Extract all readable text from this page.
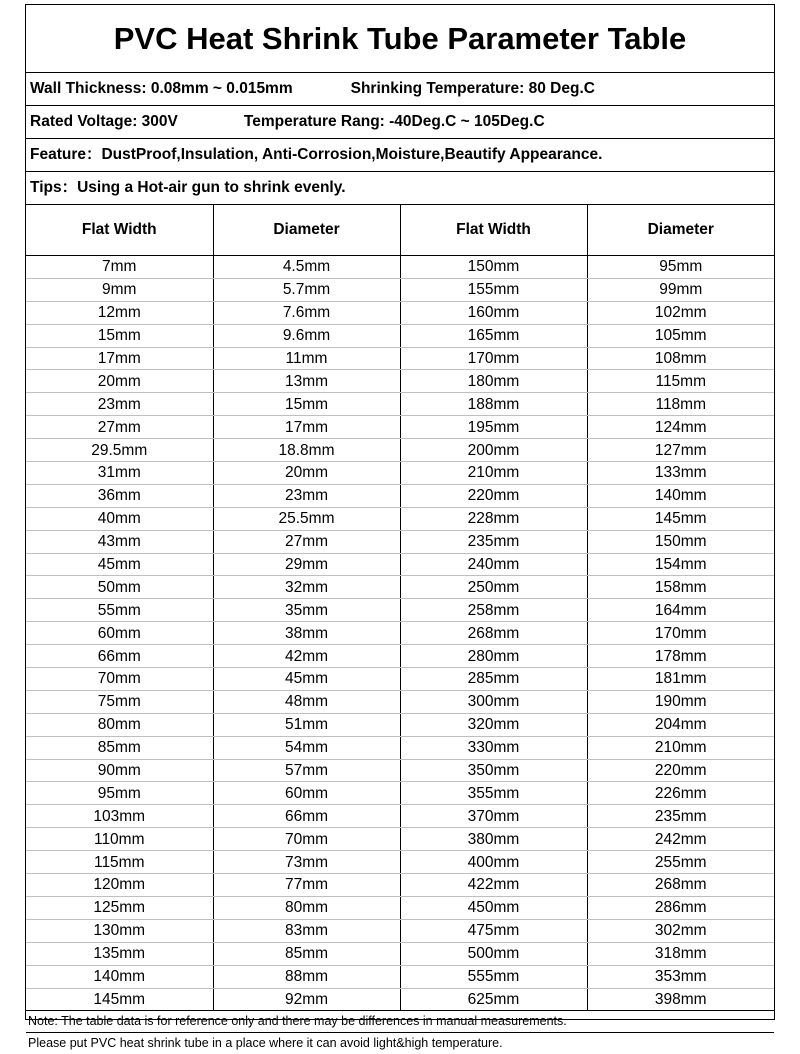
PVC Heat Shrink Tube Parameter Table
Wall Thickness: 0.08mm ~ 0.015mm	Shrinking Temperature: 80 Deg.C
Rated Voltage: 300V	Temperature Rang: -40Deg.C ~ 105Deg.C
Feature：DustProof,Insulation, Anti-Corrosion,Moisture,Beautify Appearance.
Tips：Using a Hot-air gun to shrink evenly.
Flat Width	Diameter	Flat Width	Diameter
7mm	4.5mm	150mm	95mm
9mm	5.7mm	155mm	99mm
12mm	7.6mm	160mm	102mm
15mm	9.6mm	165mm	105mm
17mm	11mm	170mm	108mm
20mm	13mm	180mm	115mm
23mm	15mm	188mm	118mm
27mm	17mm	195mm	124mm
29.5mm	18.8mm	200mm	127mm
31mm	20mm	210mm	133mm
36mm	23mm	220mm	140mm
40mm	25.5mm	228mm	145mm
43mm	27mm	235mm	150mm
45mm	29mm	240mm	154mm
50mm	32mm	250mm	158mm
55mm	35mm	258mm	164mm
60mm	38mm	268mm	170mm
66mm	42mm	280mm	178mm
70mm	45mm	285mm	181mm
75mm	48mm	300mm	190mm
80mm	51mm	320mm	204mm
85mm	54mm	330mm	210mm
90mm	57mm	350mm	220mm
95mm	60mm	355mm	226mm
103mm	66mm	370mm	235mm
110mm	70mm	380mm	242mm
115mm	73mm	400mm	255mm
120mm	77mm	422mm	268mm
125mm	80mm	450mm	286mm
130mm	83mm	475mm	302mm
135mm	85mm	500mm	318mm
140mm	88mm	555mm	353mm
145mm	92mm	625mm	398mm
Note: The table data is for reference only and there may be differences in manual measurements.
Please put PVC heat shrink tube in a place where it can avoid light&high temperature.
